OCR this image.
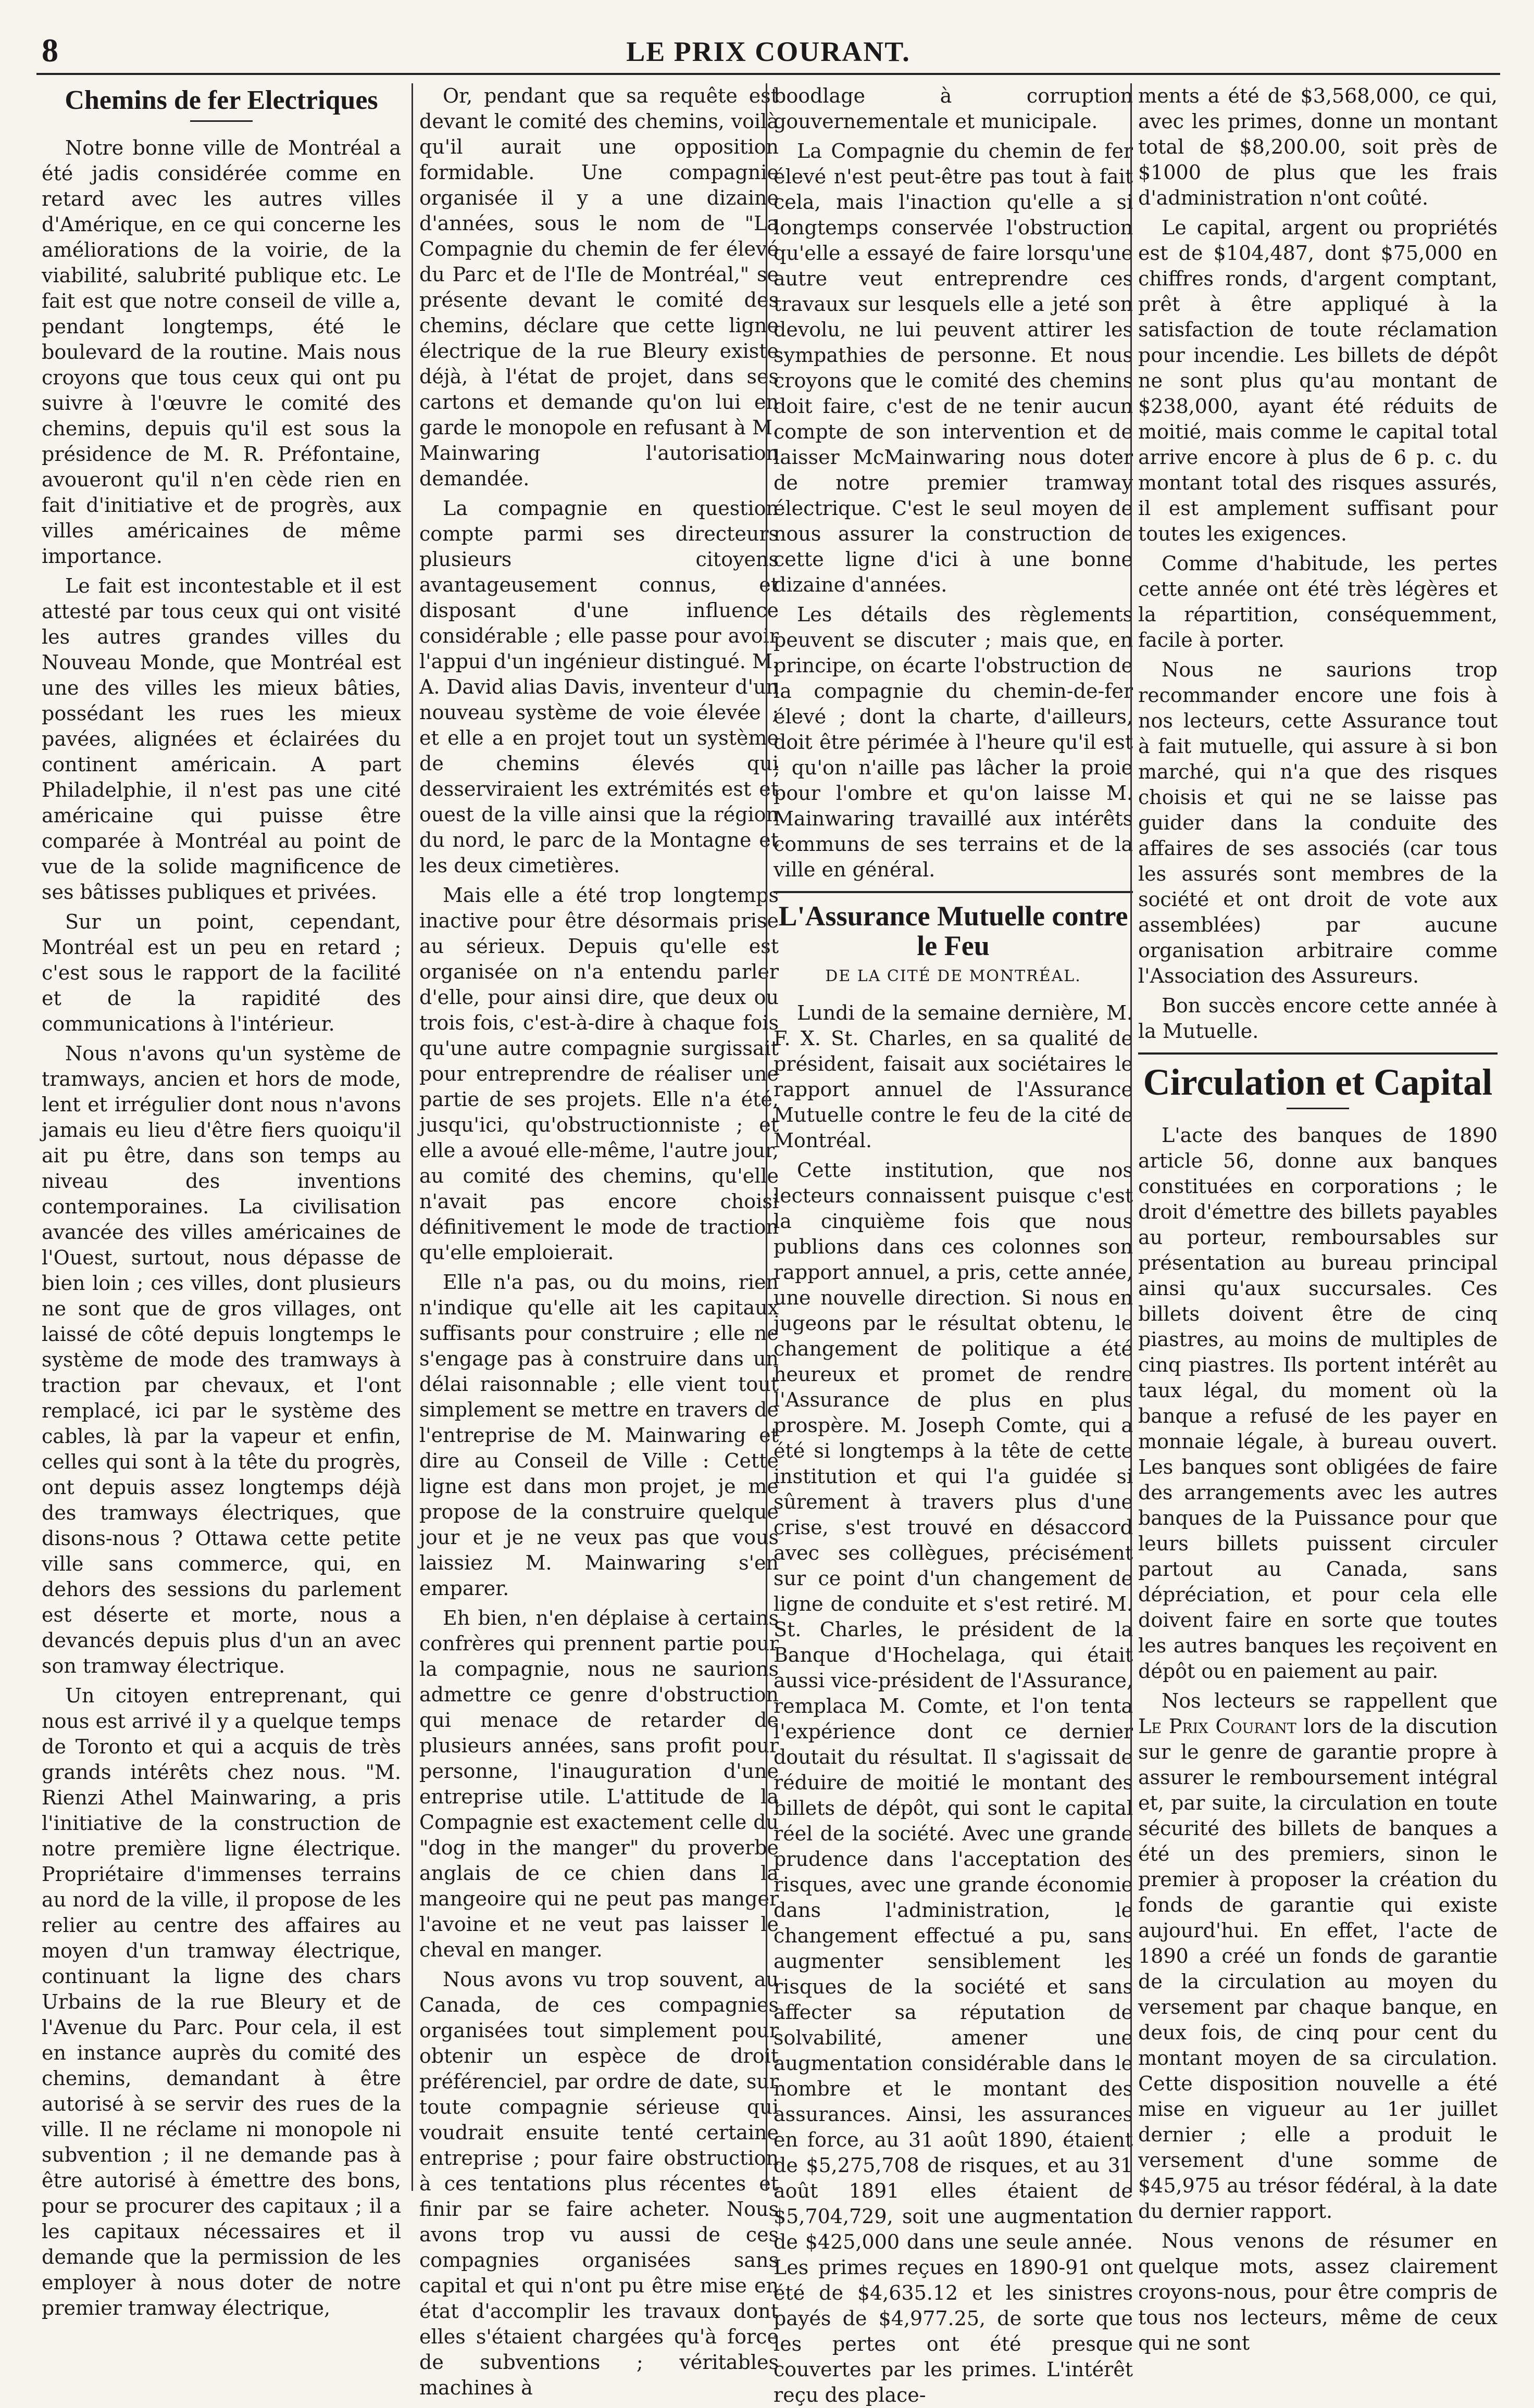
8	LE PRIX COURANT.
Chemins de fer Electriques

Notre bonne ville de Montréal a été jadis considérée comme en retard avec les autres villes d'Amérique, en ce qui concerne les améliorations de la voirie, de la viabilité, salubrité publique etc. Le fait est que notre conseil de ville a, pendant longtemps, été le boulevard de la routine. Mais nous croyons que tous ceux qui ont pu suivre à l'œuvre le comité des chemins, depuis qu'il est sous la présidence de M. R. Préfontaine, avoueront qu'il n'en cède rien en fait d'initiative et de progrès, aux villes américaines de même importance.

Le fait est incontestable et il est attesté par tous ceux qui ont visité les autres grandes villes du Nouveau Monde, que Montréal est une des villes les mieux bâties, possédant les rues les mieux pavées, alignées et éclairées du continent américain. A part Philadelphie, il n'est pas une cité américaine qui puisse être comparée à Montréal au point de vue de la solide magnificence de ses bâtisses publiques et privées.

Sur un point, cependant, Montréal est un peu en retard ; c'est sous le rapport de la facilité et de la rapidité des communications à l'intérieur.

Nous n'avons qu'un système de tramways, ancien et hors de mode, lent et irrégulier dont nous n'avons jamais eu lieu d'être fiers quoiqu'il ait pu être, dans son temps au niveau des inventions contemporaines. La civilisation avancée des villes américaines de l'Ouest, surtout, nous dépasse de bien loin ; ces villes, dont plusieurs ne sont que de gros villages, ont laissé de côté depuis longtemps le système de mode des tramways à traction par chevaux, et l'ont remplacé, ici par le système des cables, là par la vapeur et enfin, celles qui sont à la tête du progrès, ont depuis assez longtemps déjà des tramways électriques, que disons-nous ? Ottawa cette petite ville sans commerce, qui, en dehors des sessions du parlement est déserte et morte, nous a devancés depuis plus d'un an avec son tramway électrique.

Un citoyen entreprenant, qui nous est arrivé il y a quelque temps de Toronto et qui a acquis de très grands intérêts chez nous. "M. Rienzi Athel Mainwaring, a pris l'initiative de la construction de notre première ligne électrique. Propriétaire d'immenses terrains au nord de la ville, il propose de les relier au centre des affaires au moyen d'un tramway électrique, continuant la ligne des chars Urbains de la rue Bleury et de l'Avenue du Parc. Pour cela, il est en instance auprès du comité des chemins, demandant à être autorisé à se servir des rues de la ville. Il ne réclame ni monopole ni subvention ; il ne demande pas à être autorisé à émettre des bons, pour se procurer des capitaux ; il a les capitaux nécessaires et il demande que la permission de les employer à nous doter de notre premier tramway électrique,

Or, pendant que sa requête est devant le comité des chemins, voilà qu'il aurait une opposition formidable. Une compagnie organisée il y a une dizaine d'années, sous le nom de "La Compagnie du chemin de fer élevé du Parc et de l'Ile de Montréal," se présente devant le comité des chemins, déclare que cette ligne électrique de la rue Bleury existe déjà, à l'état de projet, dans ses cartons et demande qu'on lui en garde le monopole en refusant à M. Mainwaring l'autorisation demandée.

La compagnie en question compte parmi ses directeurs plusieurs citoyens avantageusement connus, et disposant d'une influence considérable ; elle passe pour avoir l'appui d'un ingénieur distingué. M. A. David alias Davis, inventeur d'un nouveau système de voie élevée ; et elle a en projet tout un système de chemins élevés qui desserviraient les extrémités est et ouest de la ville ainsi que la région du nord, le parc de la Montagne et les deux cimetières.

Mais elle a été trop longtemps inactive pour être désormais prise au sérieux. Depuis qu'elle est organisée on n'a entendu parler d'elle, pour ainsi dire, que deux ou trois fois, c'est-à-dire à chaque fois qu'une autre compagnie surgissait pour entreprendre de réaliser une partie de ses projets. Elle n'a été, jusqu'ici, qu'obstructionniste ; et elle a avoué elle-même, l'autre jour, au comité des chemins, qu'elle n'avait pas encore choisi définitivement le mode de traction qu'elle emploierait.

Elle n'a pas, ou du moins, rien n'indique qu'elle ait les capitaux suffisants pour construire ; elle ne s'engage pas à construire dans un délai raisonnable ; elle vient tout simplement se mettre en travers de l'entreprise de M. Mainwaring et dire au Conseil de Ville : Cette ligne est dans mon projet, je me propose de la construire quelque jour et je ne veux pas que vous laissiez M. Mainwaring s'en emparer.

Eh bien, n'en déplaise à certains confrères qui prennent partie pour la compagnie, nous ne saurions admettre ce genre d'obstruction qui menace de retarder de plusieurs années, sans profit pour personne, l'inauguration d'une entreprise utile. L'attitude de la Compagnie est exactement celle du "dog in the manger" du proverbe anglais de ce chien dans la mangeoire qui ne peut pas manger l'avoine et ne veut pas laisser le cheval en manger.

Nous avons vu trop souvent, au Canada, de ces compagnies organisées tout simplement pour obtenir un espèce de droit préférenciel, par ordre de date, sur toute compagnie sérieuse qui voudrait ensuite tenté certaine entreprise ; pour faire obstruction à ces tentations plus récentes et finir par se faire acheter. Nous avons trop vu aussi de ces compagnies organisées sans capital et qui n'ont pu être mise en état d'accomplir les travaux dont elles s'étaient chargées qu'à force de subventions ; véritables machines à

boodlage à corruption gouvernementale et municipale.

La Compagnie du chemin de fer élevé n'est peut-être pas tout à fait cela, mais l'inaction qu'elle a si longtemps conservée l'obstruction qu'elle a essayé de faire lorsqu'une autre veut entreprendre ces travaux sur lesquels elle a jeté son devolu, ne lui peuvent attirer les sympathies de personne. Et nous croyons que le comité des chemins doit faire, c'est de ne tenir aucun compte de son intervention et de laisser McMainwaring nous doter de notre premier tramway électrique. C'est le seul moyen de nous assurer la construction de cette ligne d'ici à une bonne dizaine d'années.

Les détails des règlements peuvent se discuter ; mais que, en principe, on écarte l'obstruction de la compagnie du chemin-de-fer élevé ; dont la charte, d'ailleurs, doit être périmée à l'heure qu'il est ; qu'on n'aille pas lâcher la proie pour l'ombre et qu'on laisse M. Mainwaring travaillé aux intérêts communs de ses terrains et de la ville en général.

L'Assurance Mutuelle contre le Feu
DE LA CITÉ DE MONTRÉAL.

Lundi de la semaine dernière, M. F. X. St. Charles, en sa qualité de président, faisait aux sociétaires le rapport annuel de l'Assurance Mutuelle contre le feu de la cité de Montréal.

Cette institution, que nos lecteurs connaissent puisque c'est la cinquième fois que nous publions dans ces colonnes son rapport annuel, a pris, cette année, une nouvelle direction. Si nous en jugeons par le résultat obtenu, le changement de politique a été heureux et promet de rendre l'Assurance de plus en plus prospère. M. Joseph Comte, qui a été si longtemps à la tête de cette institution et qui l'a guidée si sûrement à travers plus d'une crise, s'est trouvé en désaccord avec ses collègues, précisément sur ce point d'un changement de ligne de conduite et s'est retiré. M. St. Charles, le président de la Banque d'Hochelaga, qui était aussi vice-président de l'Assurance, remplaca M. Comte, et l'on tenta l'expérience dont ce dernier doutait du résultat. Il s'agissait de réduire de moitié le montant des billets de dépôt, qui sont le capital réel de la société. Avec une grande prudence dans l'acceptation des risques, avec une grande économie dans l'administration, le changement effectué a pu, sans augmenter sensiblement les risques de la société et sans affecter sa réputation de solvabilité, amener une augmentation considérable dans le nombre et le montant des assurances. Ainsi, les assurances en force, au 31 août 1890, étaient de $5,275,708 de risques, et au 31 août 1891 elles étaient de $5,704,729, soit une augmentation de $425,000 dans une seule année. Les primes reçues en 1890-91 ont été de $4,635.12 et les sinistres payés de $4,977.25, de sorte que les pertes ont été presque couvertes par les primes. L'intérêt reçu des place-

ments a été de $3,568,000, ce qui, avec les primes, donne un montant total de $8,200.00, soit près de $1000 de plus que les frais d'administration n'ont coûté.

Le capital, argent ou propriétés est de $104,487, dont $75,000 en chiffres ronds, d'argent comptant, prêt à être appliqué à la satisfaction de toute réclamation pour incendie. Les billets de dépôt ne sont plus qu'au montant de $238,000, ayant été réduits de moitié, mais comme le capital total arrive encore à plus de 6 p. c. du montant total des risques assurés, il est amplement suffisant pour toutes les exigences.

Comme d'habitude, les pertes cette année ont été très légères et la répartition, conséquemment, facile à porter.

Nous ne saurions trop recommander encore une fois à nos lecteurs, cette Assurance tout à fait mutuelle, qui assure à si bon marché, qui n'a que des risques choisis et qui ne se laisse pas guider dans la conduite des affaires de ses associés (car tous les assurés sont membres de la société et ont droit de vote aux assemblées) par aucune organisation arbitraire comme l'Association des Assureurs.

Bon succès encore cette année à la Mutuelle.

Circulation et Capital

L'acte des banques de 1890 article 56, donne aux banques constituées en corporations ; le droit d'émettre des billets payables au porteur, remboursables sur présentation au bureau principal ainsi qu'aux succursales. Ces billets doivent être de cinq piastres, au moins de multiples de cinq piastres. Ils portent intérêt au taux légal, du moment où la banque a refusé de les payer en monnaie légale, à bureau ouvert. Les banques sont obligées de faire des arrangements avec les autres banques de la Puissance pour que leurs billets puissent circuler partout au Canada, sans dépréciation, et pour cela elle doivent faire en sorte que toutes les autres banques les reçoivent en dépôt ou en paiement au pair.

Nos lecteurs se rappellent que Le Prix Courant lors de la discution sur le genre de garantie propre à assurer le remboursement intégral et, par suite, la circulation en toute sécurité des billets de banques a été un des premiers, sinon le premier à proposer la création du fonds de garantie qui existe aujourd'hui. En effet, l'acte de 1890 a créé un fonds de garantie de la circulation au moyen du versement par chaque banque, en deux fois, de cinq pour cent du montant moyen de sa circulation. Cette disposition nouvelle a été mise en vigueur au 1er juillet dernier ; elle a produit le versement d'une somme de $45,975 au trésor fédéral, à la date du dernier rapport.

Nous venons de résumer en quelque mots, assez clairement croyons-nous, pour être compris de tous nos lecteurs, même de ceux qui ne sont
